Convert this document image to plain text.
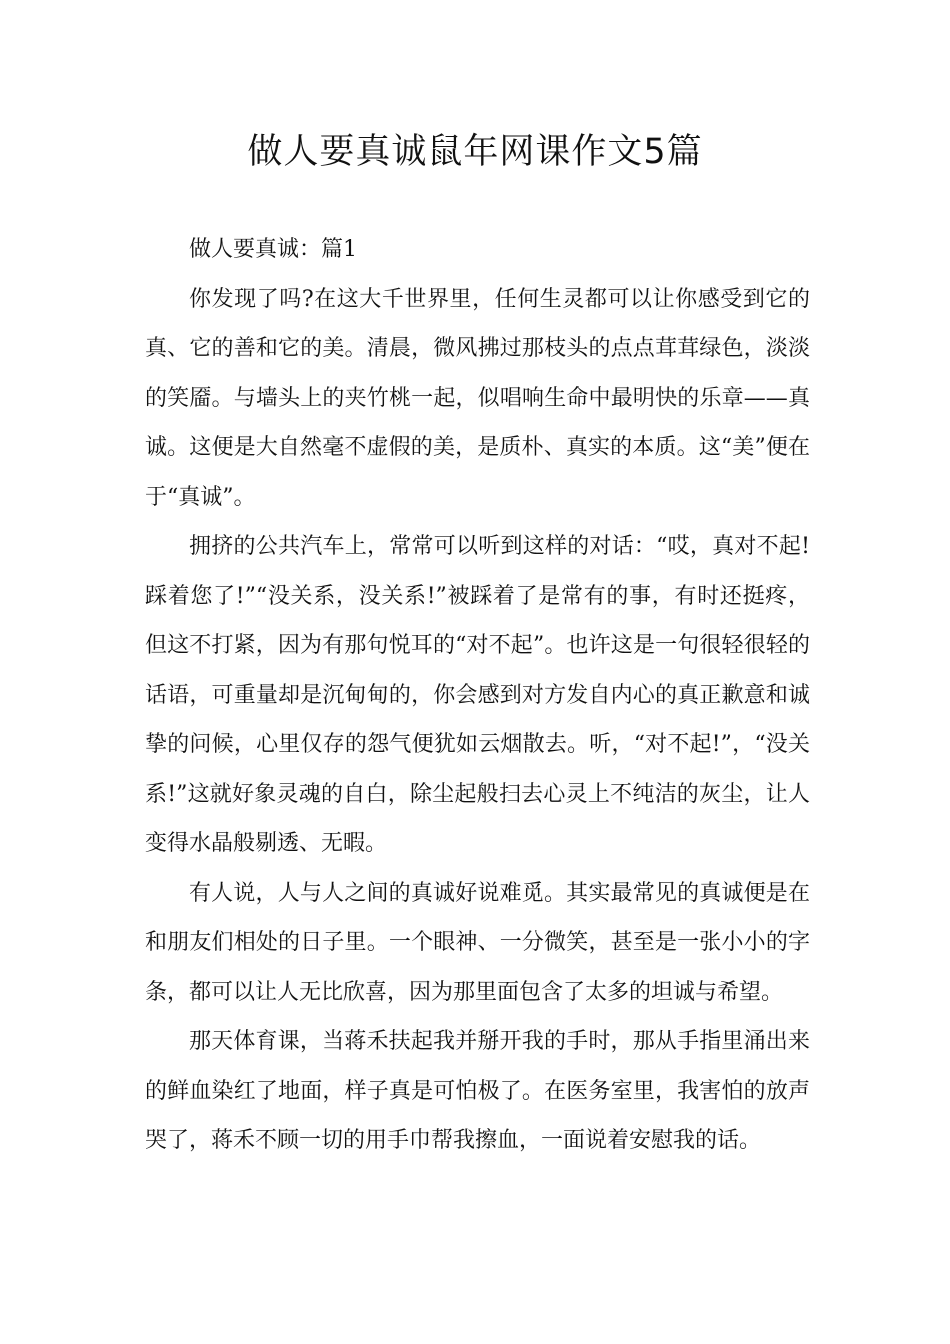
做人要真诚鼠年网课作文5篇

做人要真诚：篇1

你发现了吗?在这大千世界里，任何生灵都可以让你感受到它的真、它的善和它的美。清晨，微风拂过那枝头的点点茸茸绿色，淡淡的笑靥。与墙头上的夹竹桃一起，似唱响生命中最明快的乐章——真诚。这便是大自然毫不虚假的美，是质朴、真实的本质。这“美”便在于“真诚”。

拥挤的公共汽车上，常常可以听到这样的对话：“哎，真对不起!踩着您了!”“没关系，没关系!”被踩着了是常有的事，有时还挺疼，但这不打紧，因为有那句悦耳的“对不起”。也许这是一句很轻很轻的话语，可重量却是沉甸甸的，你会感到对方发自内心的真正歉意和诚挚的问候，心里仅存的怨气便犹如云烟散去。听，“对不起!”，“没关系!”这就好象灵魂的自白，除尘起般扫去心灵上不纯洁的灰尘，让人变得水晶般剔透、无暇。

有人说，人与人之间的真诚好说难觅。其实最常见的真诚便是在和朋友们相处的日子里。一个眼神、一分微笑，甚至是一张小小的字条，都可以让人无比欣喜，因为那里面包含了太多的坦诚与希望。

那天体育课，当蒋禾扶起我并掰开我的手时，那从手指里涌出来的鲜血染红了地面，样子真是可怕极了。在医务室里，我害怕的放声哭了，蒋禾不顾一切的用手巾帮我擦血，一面说着安慰我的话。
